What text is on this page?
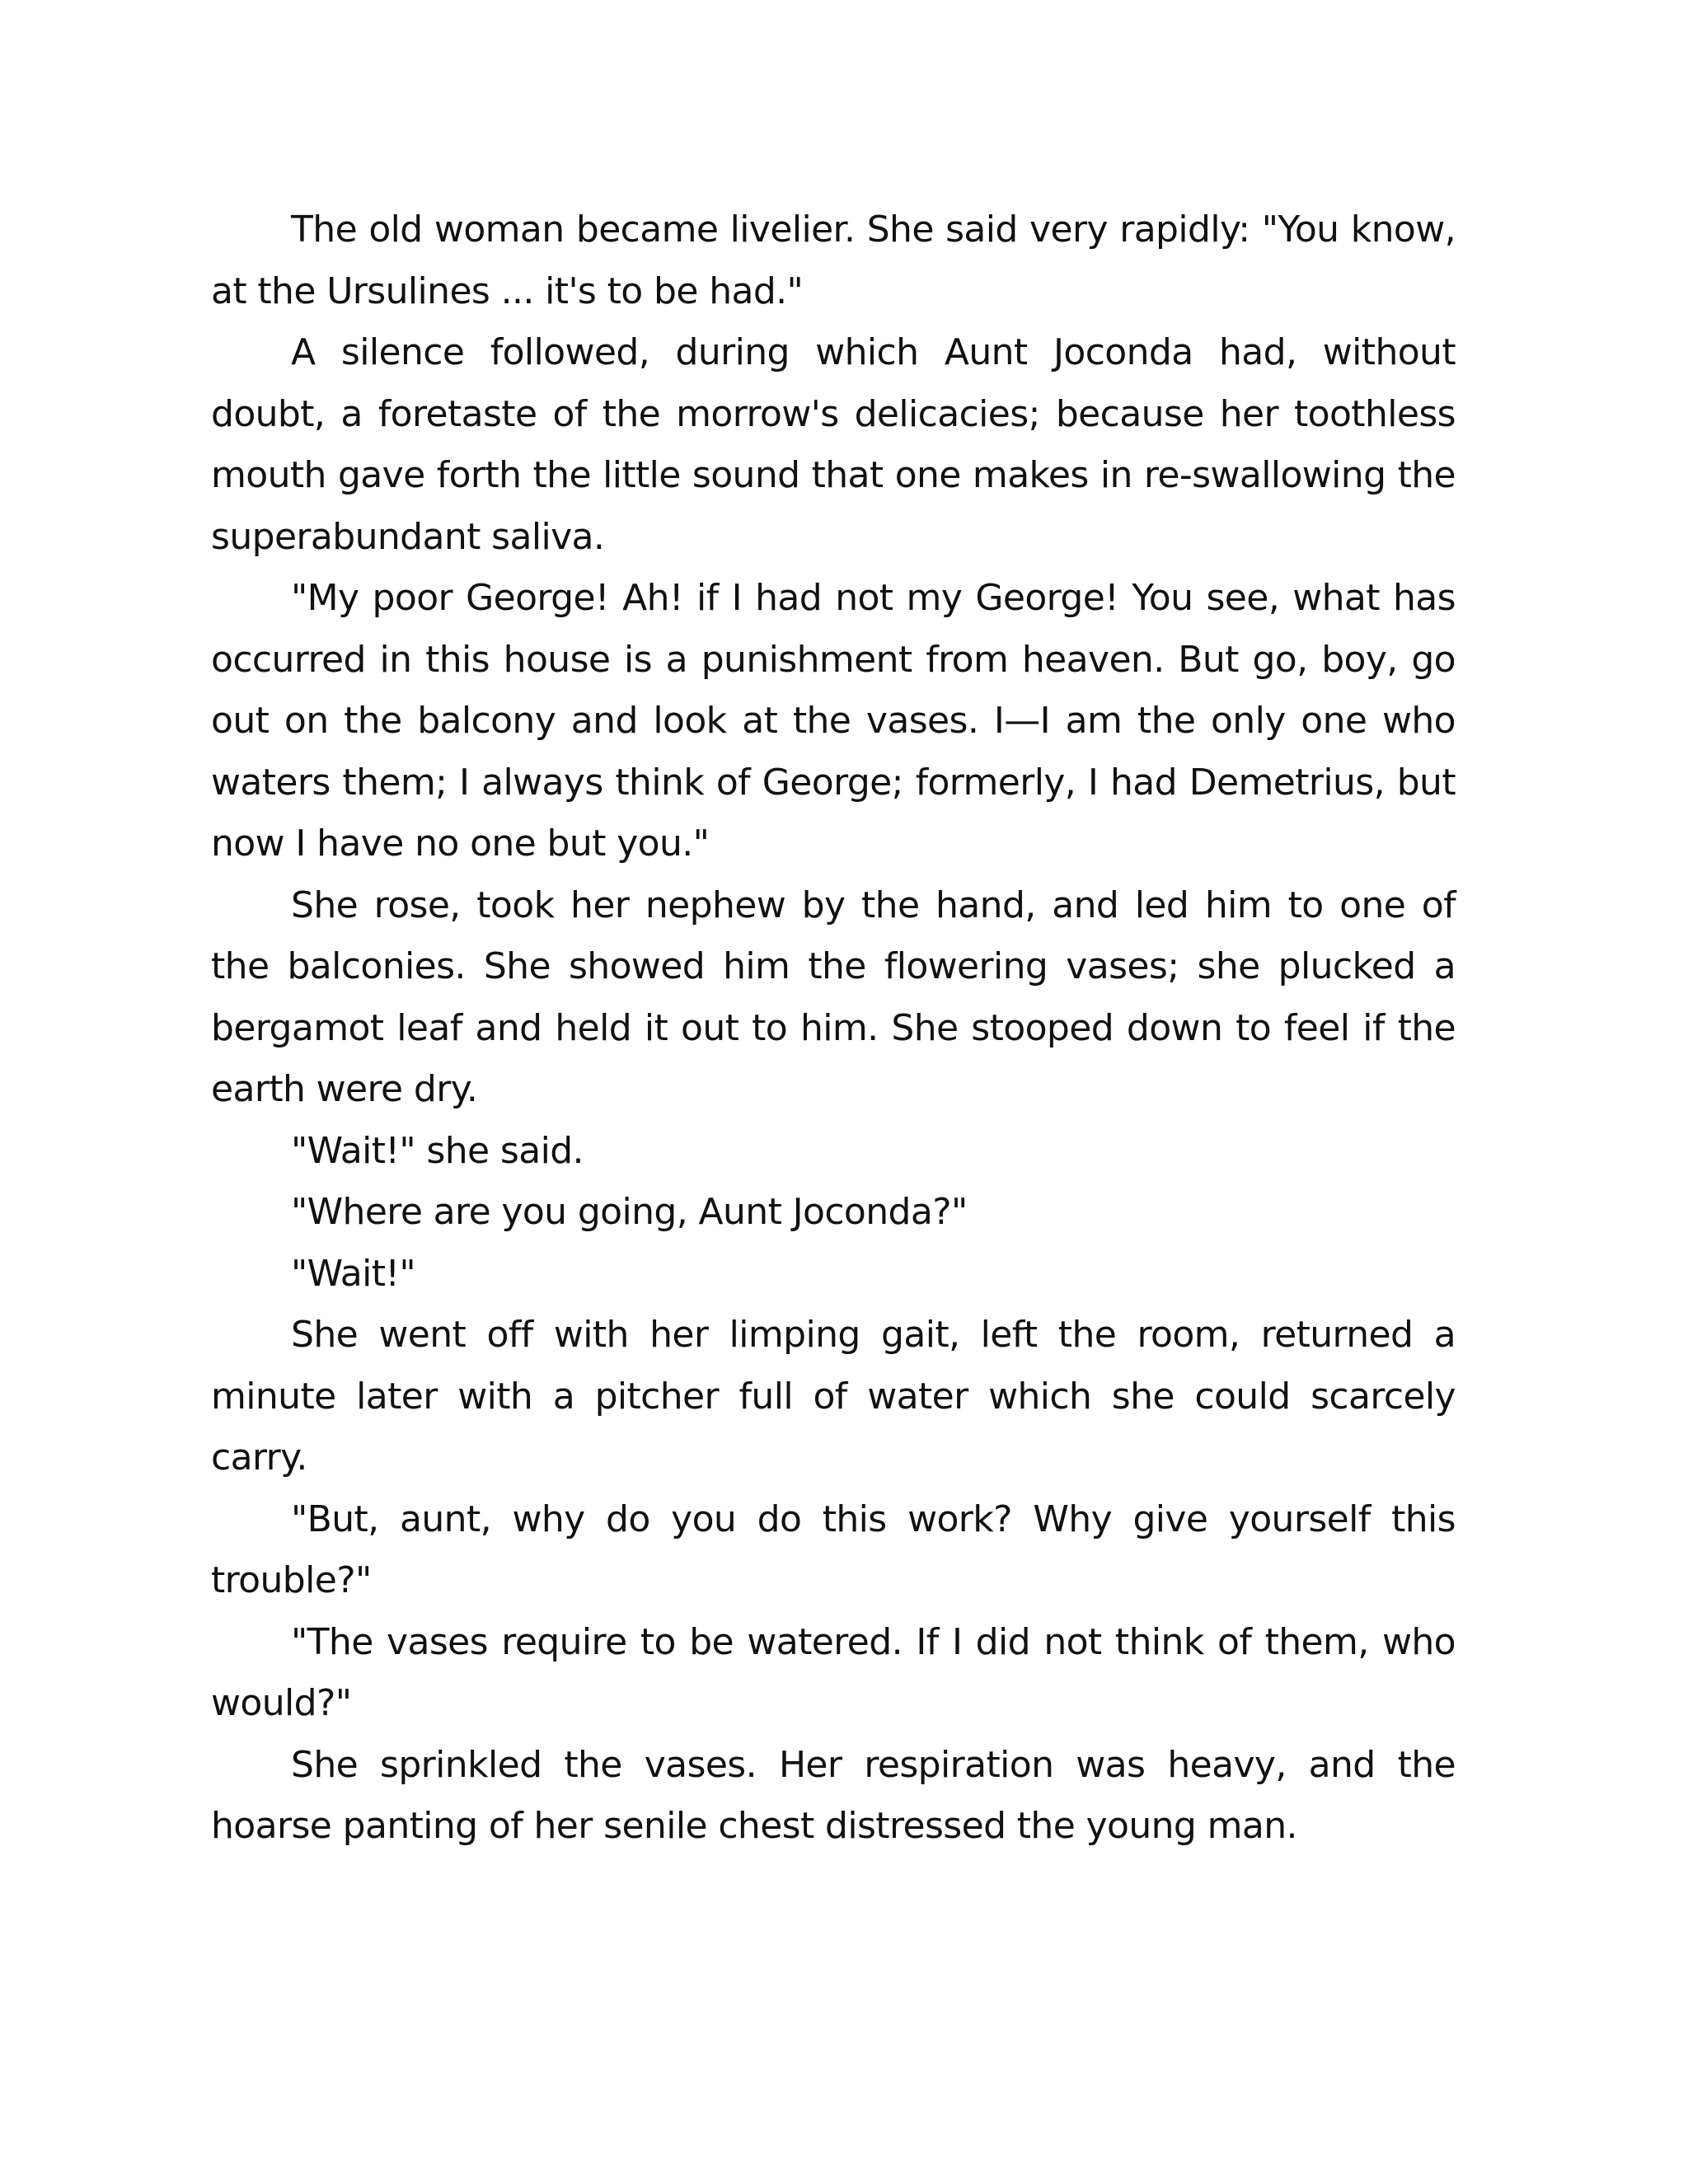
The old woman became livelier. She said very rapidly: "You know, at the Ursulines ... it's to be had."

A silence followed, during which Aunt Joconda had, without doubt, a foretaste of the morrow's delicacies; because her toothless mouth gave forth the little sound that one makes in re-swallowing the superabundant saliva.

"My poor George! Ah! if I had not my George! You see, what has occurred in this house is a punishment from heaven. But go, boy, go out on the balcony and look at the vases. I—I am the only one who waters them; I always think of George; formerly, I had Demetrius, but now I have no one but you."

She rose, took her nephew by the hand, and led him to one of the balconies. She showed him the flowering vases; she plucked a bergamot leaf and held it out to him. She stooped down to feel if the earth were dry.

"Wait!" she said.

"Where are you going, Aunt Joconda?"

"Wait!"

She went off with her limping gait, left the room, returned a minute later with a pitcher full of water which she could scarcely carry.

"But, aunt, why do you do this work? Why give yourself this trouble?"

"The vases require to be watered. If I did not think of them, who would?"

She sprinkled the vases. Her respiration was heavy, and the hoarse panting of her senile chest distressed the young man.
